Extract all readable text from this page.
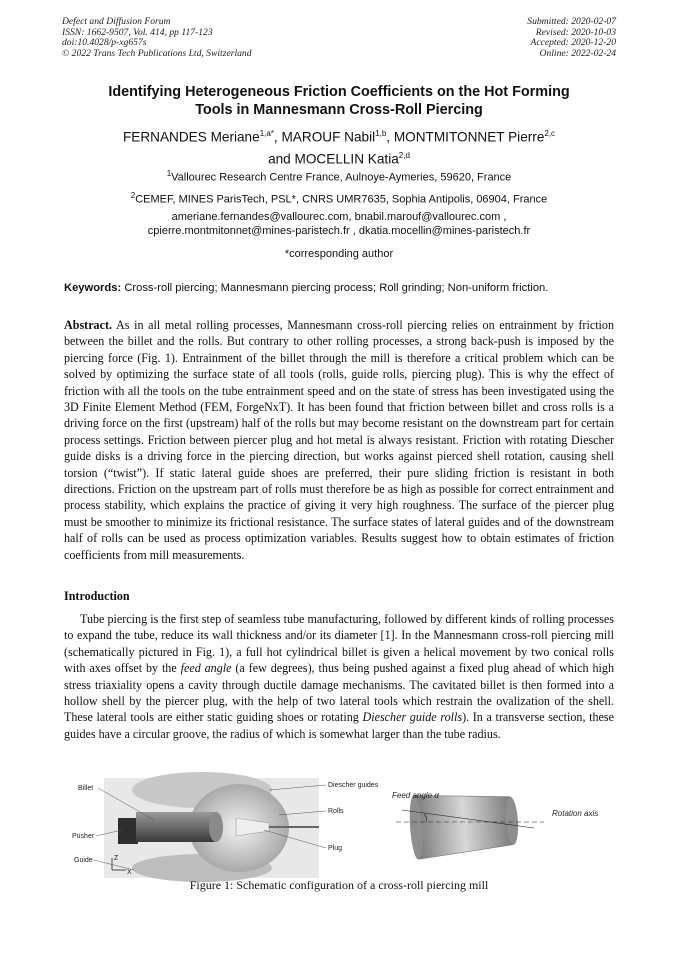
Defect and Diffusion Forum
ISSN: 1662-9507, Vol. 414, pp 117-123
doi:10.4028/p-xg657s
© 2022 Trans Tech Publications Ltd, Switzerland
Submitted: 2020-02-07
Revised: 2020-10-03
Accepted: 2020-12-20
Online: 2022-02-24
Identifying Heterogeneous Friction Coefficients on the Hot Forming
Tools in Mannesmann Cross-Roll Piercing
FERNANDES Meriane$^{1,a*}$, MAROUF Nabil$^{1,b}$, MONTMITONNET Pierre$^{2,c}$
and MOCELLIN Katia$^{2,d}$
$^1$Vallourec Research Centre France, Aulnoye-Aymeries, 59620, France
$^2$CEMEF, MINES ParisTech, PSL*, CNRS UMR7635, Sophia Antipolis, 06904, France
ameriane.fernandes@vallourec.com, bnabil.marouf@vallourec.com ,
cpierre.montmitonnet@mines-paristech.fr , dkatia.mocellin@mines-paristech.fr
*corresponding author
Keywords: Cross-roll piercing; Mannesmann piercing process; Roll grinding; Non-uniform friction.

Abstract. As in all metal rolling processes, Mannesmann cross-roll piercing relies on entrainment by friction between the billet and the rolls. But contrary to other rolling processes, a strong back-push is imposed by the piercing force (Fig. 1). Entrainment of the billet through the mill is therefore a critical problem which can be solved by optimizing the surface state of all tools (rolls, guide rolls, piercing plug). This is why the effect of friction with all the tools on the tube entrainment speed and on the state of stress has been investigated using the 3D Finite Element Method (FEM, ForgeNxT). It has been found that friction between billet and cross rolls is a driving force on the first (upstream) half of the rolls but may become resistant on the downstream part for certain process settings. Friction between piercer plug and hot metal is always resistant. Friction with rotating Diescher guide disks is a driving force in the piercing direction, but works against pierced shell rotation, causing shell torsion (“twist”). If static lateral guide shoes are preferred, their pure sliding friction is resistant in both directions. Friction on the upstream part of rolls must therefore be as high as possible for correct entrainment and process stability, which explains the practice of giving it very high roughness. The surface of the piercer plug must be smoother to minimize its frictional resistance. The surface states of lateral guides and of the downstream half of rolls can be used as process optimization variables. Results suggest how to obtain estimates of friction coefficients from mill measurements.

Introduction

Tube piercing is the first step of seamless tube manufacturing, followed by different kinds of rolling processes to expand the tube, reduce its wall thickness and/or its diameter [1]. In the Mannesmann cross-roll piercing mill (schematically pictured in Fig. 1), a full hot cylindrical billet is given a helical movement by two conical rolls with axes offset by the feed angle (a few degrees), thus being pushed against a fixed plug ahead of which high stress triaxiality opens a cavity through ductile damage mechanisms. The cavitated billet is then formed into a hollow shell by the piercer plug, with the help of two lateral tools which restrain the ovalization of the shell. These lateral tools are either static guiding shoes or rotating Diescher guide rolls). In a transverse section, these guides have a circular groove, the radius of which is somewhat larger than the tube radius.

Z
X
Billet
Pusher
Guide
Diescher guides
Rolls
Plug
Feed angle α
Rotation axis
Figure 1: Schematic configuration of a cross-roll piercing mill
